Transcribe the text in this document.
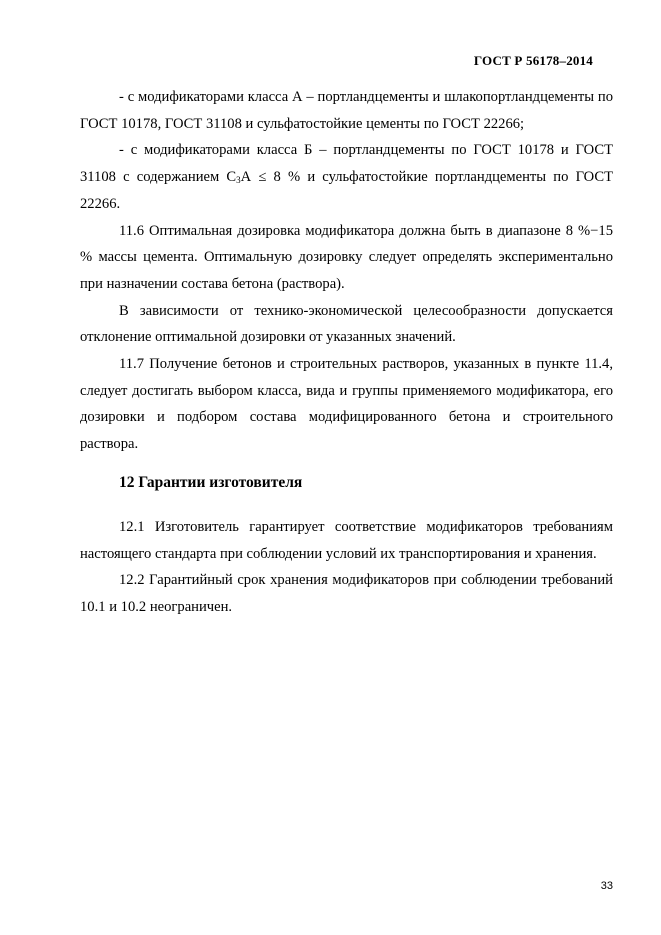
ГОСТ Р 56178–2014

- с модификаторами класса А – портландцементы и шлакопортландцементы по ГОСТ 10178, ГОСТ 31108 и сульфатостойкие цементы по ГОСТ 22266;

- с модификаторами класса Б – портландцементы по ГОСТ 10178 и ГОСТ 31108 с содержанием $С_3А \le 8$ % и сульфатостойкие портландцементы по ГОСТ 22266.

11.6 Оптимальная дозировка модификатора должна быть в диапазоне 8 %−15 % массы цемента. Оптимальную дозировку следует определять экспериментально при назначении состава бетона (раствора).

В зависимости от технико-экономической целесообразности допускается отклонение оптимальной дозировки от указанных значений.

11.7 Получение бетонов и строительных растворов, указанных в пункте 11.4, следует достигать выбором класса, вида и группы применяемого модификатора, его дозировки и подбором состава модифицированного бетона и строительного раствора.

12 Гарантии изготовителя

12.1 Изготовитель гарантирует соответствие модификаторов требованиям настоящего стандарта при соблюдении условий их транспортирования и хранения.

12.2 Гарантийный срок хранения модификаторов при соблюдении требований 10.1 и 10.2 неограничен.

33
